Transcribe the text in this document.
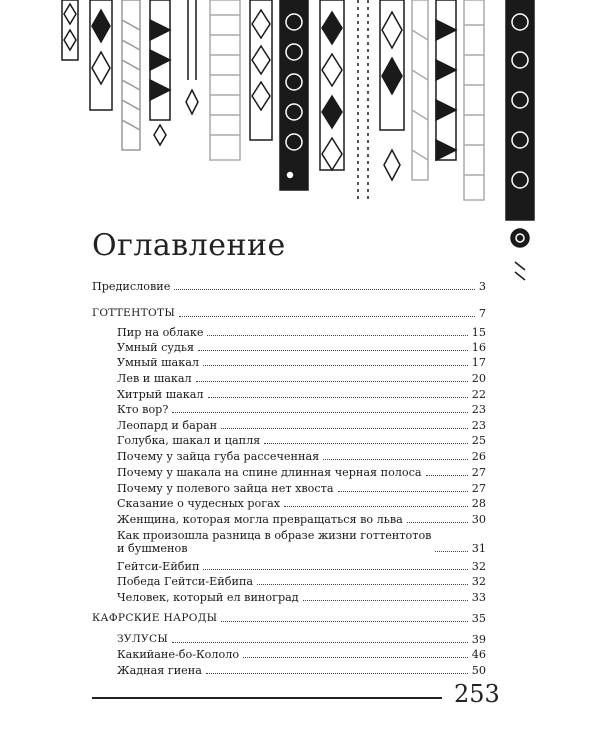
Оглавление
Предисловие	3
ГОТТЕНТОТЫ	7
Пир на облаке	15
Умный судья	16
Умный шакал	17
Лев и шакал	20
Хитрый шакал	22
Кто вор?	23
Леопард и баран	23
Голубка, шакал и цапля	25
Почему у зайца губа рассеченная	26
Почему у шакала на спине длинная черная полоса	27
Почему у полевого зайца нет хвоста	27
Сказание о чудесных рогах	28
Женщина, которая могла превращаться во льва	30
Как произошла разница в образе жизни готтентотов
и бушменов	31
Гейтси-Ейбип	32
Победа Гейтси-Ейбипа	32
Человек, который ел виноград	33
КАФРСКИЕ НАРОДЫ	35
ЗУЛУСЫ	39
Какийане-бо-Кололо	46
Жадная гиена	50

253
